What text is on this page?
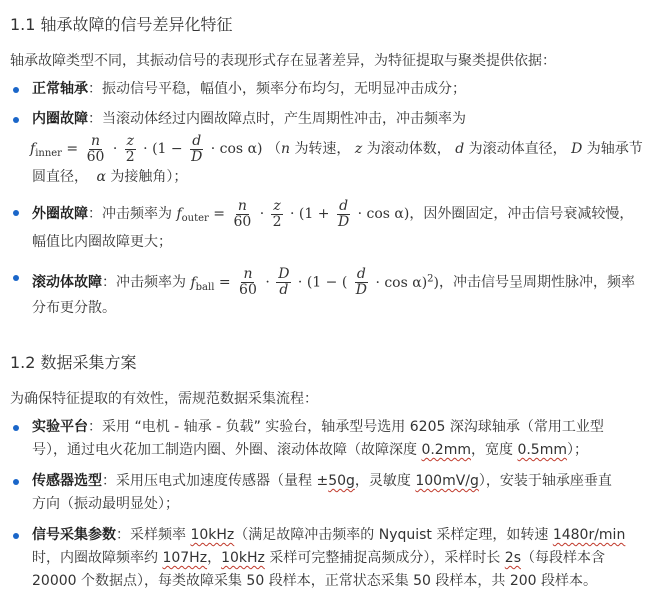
1.1 轴承故障的信号差异化特征
轴承故障类型不同，其振动信号的表现形式存在显著差异，为特征提取与聚类提供依据：
正常轴承：振动信号平稳，幅值小，频率分布均匀，无明显冲击成分；
内圈故障：当滚动体经过内圈故障点时，产生周期性冲击，冲击频率为
$f_{inner} = \frac{n}{60} \cdot \frac{z}{2} \cdot (1 - \frac{d}{D} \cdot \cos \alpha)$ （n 为转速， z 为滚动体数， d 为滚动体直径， D 为轴承节
圆直径， α 为接触角）；
外圈故障：冲击频率为 $f_{outer} = \frac{n}{60} \cdot \frac{z}{2} \cdot (1 + \frac{d}{D} \cdot \cos \alpha)$，因外圈固定，冲击信号衰减较慢，
幅值比内圈故障更大；
滚动体故障：冲击频率为 $f_{ball} = \frac{n}{60} \cdot \frac{D}{d} \cdot (1$ − ( $\frac{d}{D} \cdot \cos \alpha)^2$)，冲击信号呈周期性脉冲，频率
分布更分散。
1.2 数据采集方案
为确保特征提取的有效性，需规范数据采集流程：
实验平台：采用 “电机 - 轴承 - 负载” 实验台，轴承型号选用 6205 深沟球轴承（常用工业型
号），通过电火花加工制造内圈、外圈、滚动体故障（故障深度 0.2mm，宽度 0.5mm）；
传感器选型：采用压电式加速度传感器（量程 ±50g，灵敏度 100mV/g），安装于轴承座垂直
方向（振动最明显处）；
信号采集参数：采样频率 10kHz（满足故障冲击频率的 Nyquist 采样定理，如转速 1480r/min
时，内圈故障频率约 107Hz，10kHz 采样可完整捕捉高频成分），采样时长 2s（每段样本含
20000 个数据点），每类故障采集 50 段样本，正常状态采集 50 段样本，共 200 段样本。
